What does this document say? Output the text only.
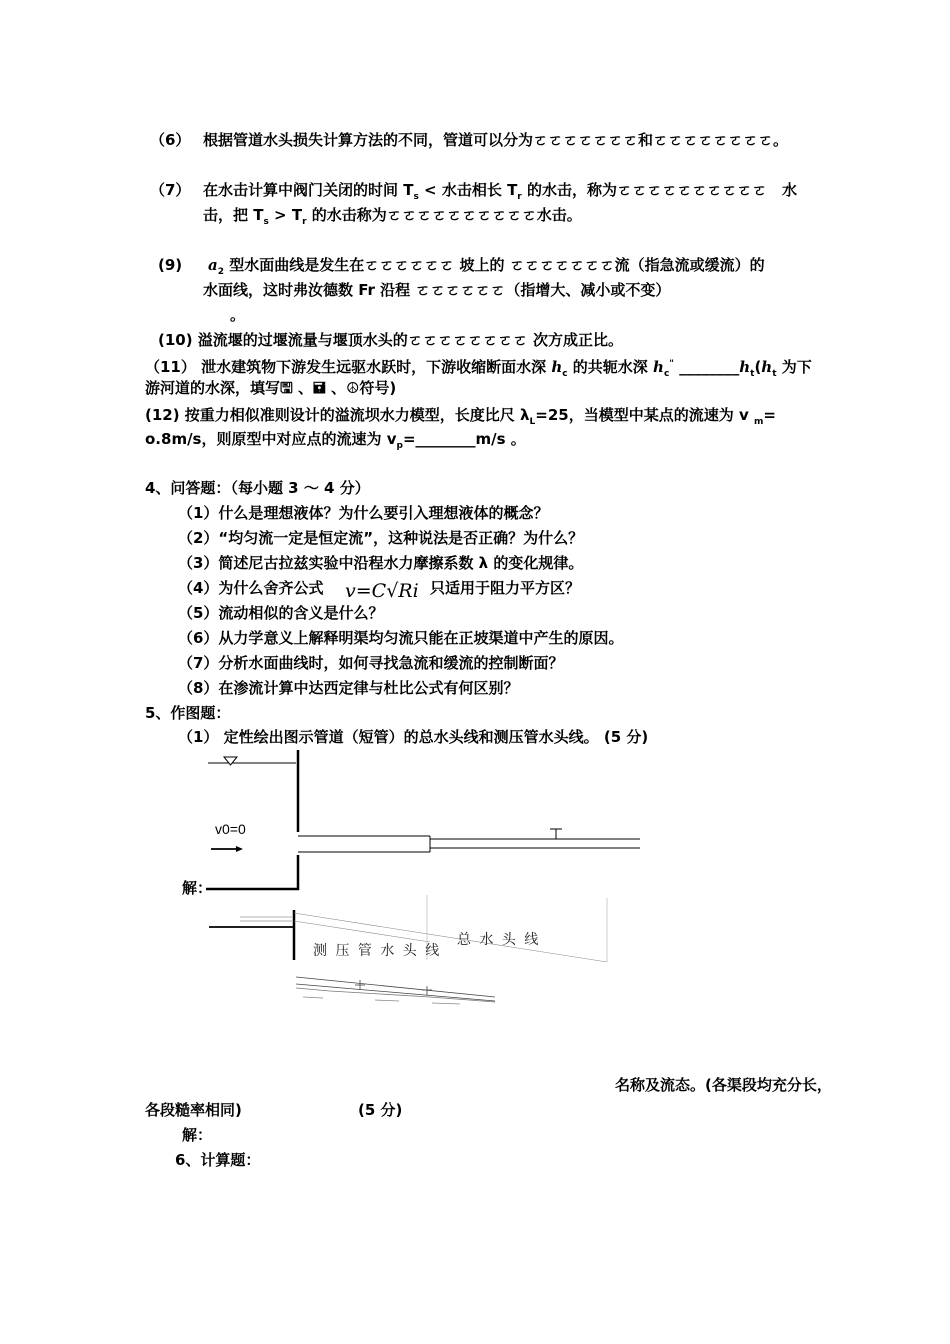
（6） 根据管道水头损失计算方法的不同，管道可以分为ㄛㄛㄛㄛㄛㄛㄛ和ㄛㄛㄛㄛㄛㄛㄛㄛ。
（7） 在水击计算中阀门关闭的时间 $T_s$ < 水击相长 $T_r$ 的水击，称为ㄛㄛㄛㄛㄛㄛㄛㄛㄛㄛ　水
击，把 $T_s > T_r$ 的水击称为ㄛㄛㄛㄛㄛㄛㄛㄛㄛㄛ水击。
(9) $a_2$ 型水面曲线是发生在ㄛㄛㄛㄛㄛㄛ 坡上的 ㄛㄛㄛㄛㄛㄛㄛ流（指急流或缓流）的
水面线，这时弗汝德数 Fr 沿程 ㄛㄛㄛㄛㄛㄛ（指增大、减小或不变）
。
(10) 溢流堰的过堰流量与堰顶水头的ㄛㄛㄛㄛㄛㄛㄛㄛ 次方成正比。
（11） 泄水建筑物下游发生远驱水跃时，下游收缩断面水深 $h_c$ 的共轭水深 $h_c^"$ $\_\_\_\_\_\_\_\_h_t(h_t$ 为下
游河道的水深，填写🖫 、🖬 、☮符号)
(12) 按重力相似准则设计的溢流坝水力模型，长度比尺 $\lambda_L=25$，当模型中某点的流速为 v $_m$=
o.8m/s，则原型中对应点的流速为 $v_p=\_\_\_\_\_\_\_\_m/s$ 。
4、问答题：（每小题 3 ～ 4 分）
（1）什么是理想液体？为什么要引入理想液体的概念？
（2）“均匀流一定是恒定流”，这种说法是否正确？为什么？
（3）简述尼古拉兹实验中沿程水力摩擦系数 λ 的变化规律。
（4）为什么舍齐公式 v=C√Ri 只适用于阻力平方区？
（5）流动相似的含义是什么？
（6）从力学意义上解释明渠均匀流只能在正坡渠道中产生的原因。
（7）分析水面曲线时，如何寻找急流和缓流的控制断面？
（8）在渗流计算中达西定律与杜比公式有何区别？
5、作图题：
（1） 定性绘出图示管道（短管）的总水头线和测压管水头线。 (5 分)
v0=0
解：
测 压 管 水 头 线
总 水 头 线
名称及流态。(各渠段均充分长，
各段糙率相同)	(5 分)
解：
6、计算题：
